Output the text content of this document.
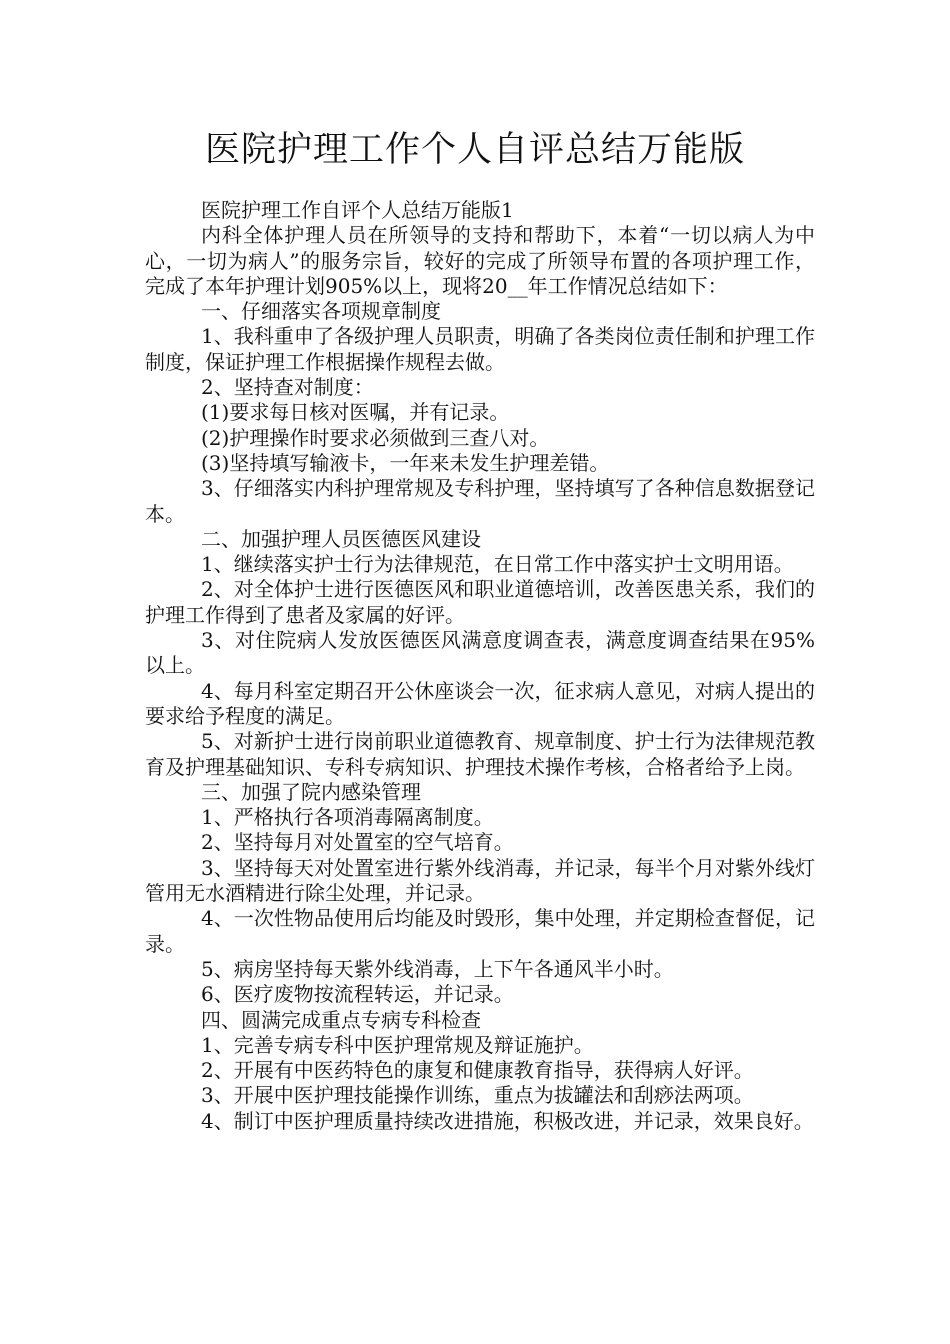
医院护理工作个人自评总结万能版

医院护理工作自评个人总结万能版1

内科全体护理人员在所领导的支持和帮助下，本着“一切以病人为中心，一切为病人”的服务宗旨，较好的完成了所领导布置的各项护理工作，完成了本年护理计划905%以上，现将20__年工作情况总结如下：

一、仔细落实各项规章制度

1、我科重申了各级护理人员职责，明确了各类岗位责任制和护理工作制度，保证护理工作根据操作规程去做。

2、坚持查对制度：

(1)要求每日核对医嘱，并有记录。

(2)护理操作时要求必须做到三查八对。

(3)坚持填写输液卡，一年来未发生护理差错。

3、仔细落实内科护理常规及专科护理，坚持填写了各种信息数据登记本。

二、加强护理人员医德医风建设

1、继续落实护士行为法律规范，在日常工作中落实护士文明用语。

2、对全体护士进行医德医风和职业道德培训，改善医患关系，我们的护理工作得到了患者及家属的好评。

3、对住院病人发放医德医风满意度调查表，满意度调查结果在95%以上。

4、每月科室定期召开公休座谈会一次，征求病人意见，对病人提出的要求给予程度的满足。

5、对新护士进行岗前职业道德教育、规章制度、护士行为法律规范教育及护理基础知识、专科专病知识、护理技术操作考核，合格者给予上岗。

三、加强了院内感染管理

1、严格执行各项消毒隔离制度。

2、坚持每月对处置室的空气培育。

3、坚持每天对处置室进行紫外线消毒，并记录，每半个月对紫外线灯管用无水酒精进行除尘处理，并记录。

4、一次性物品使用后均能及时毁形，集中处理，并定期检查督促，记录。

5、病房坚持每天紫外线消毒，上下午各通风半小时。

6、医疗废物按流程转运，并记录。

四、圆满完成重点专病专科检查

1、完善专病专科中医护理常规及辩证施护。

2、开展有中医药特色的康复和健康教育指导，获得病人好评。

3、开展中医护理技能操作训练，重点为拔罐法和刮痧法两项。

4、制订中医护理质量持续改进措施，积极改进，并记录，效果良好。
